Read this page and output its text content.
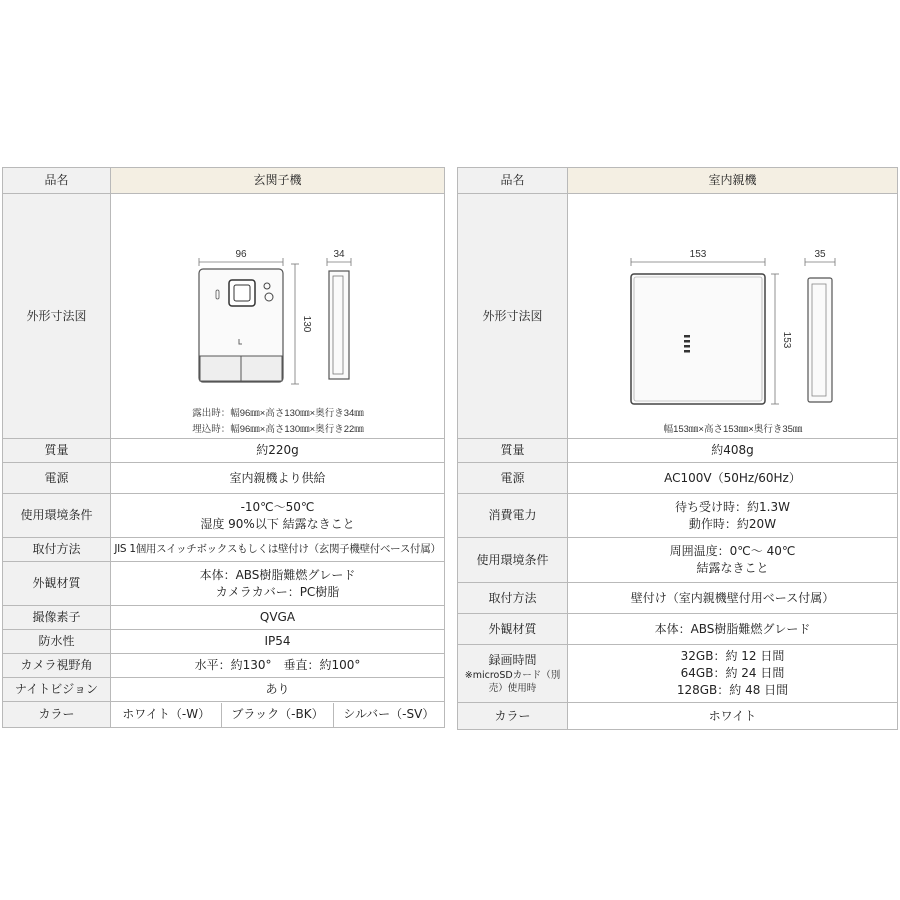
品名	玄関子機
外形寸法図	96 34
130
露出時：幅96㎜×高さ130㎜×奥行き34㎜
埋込時：幅96㎜×高さ130㎜×奥行き22㎜

質量	約220g
電源	室内親機より供給
使用環境条件	-10℃〜50℃
湿度 90%以下 結露なきこと

取付方法	JIS 1個用スイッチボックスもしくは壁付け（玄関子機壁付ベース付属）
外観材質	本体：ABS樹脂難燃グレード
カメラカバー：PC樹脂

撮像素子	QVGA
防水性	IP54
カメラ視野角	水平：約130°　垂直：約100°
ナイトビジョン	あり
カラー	ホワイト（-W） ブラック（-BK） シルバー（-SV）
品名	室内親機
外形寸法図	153 35
153
幅153㎜×高さ153㎜×奥行き35㎜

質量	約408g
電源	AC100V（50Hz/60Hz）
消費電力	待ち受け時：約1.3W
動作時：約20W

使用環境条件	周囲温度：0℃〜 40℃
結露なきこと

取付方法	壁付け（室内親機壁付用ベース付属）
外観材質	本体：ABS樹脂難燃グレード

録画時間
※microSDカード（別売）使用時	32GB：約 12 日間
64GB：約 24 日間
128GB：約 48 日間

カラー	ホワイト
